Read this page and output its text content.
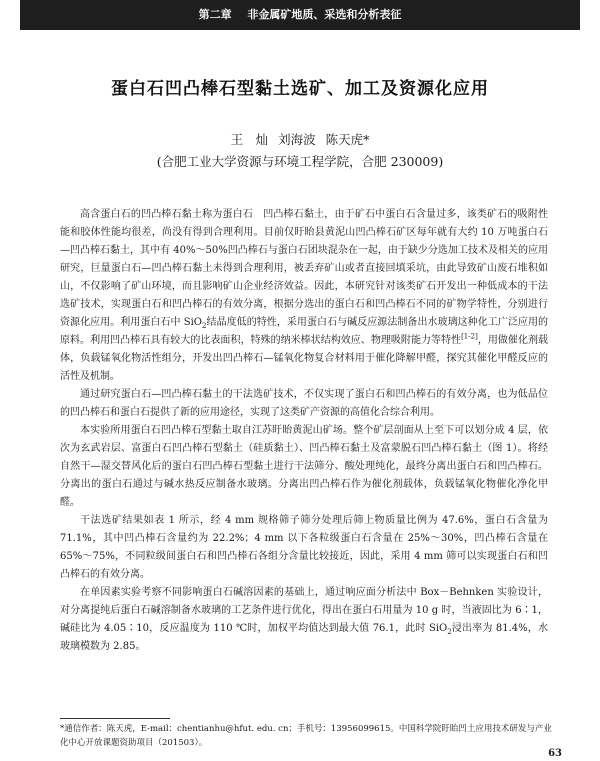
第二章 非金属矿地质、采选和分析表征
蛋白石凹凸棒石型黏土选矿、加工及资源化应用
王　灿 刘海波 陈天虎*
(合肥工业大学资源与环境工程学院，合肥 230009)

高含蛋白石的凹凸棒石黏土称为蛋白石　凹凸棒石黏土，由于矿石中蛋白石含量过多，该类矿石的吸附性能和胶体性能均很差，尚没有得到合理利用。目前仅盱眙县黄泥山凹凸棒石矿区每年就有大约 10 万吨蛋白石—凹凸棒石黏土，其中有 40%～50%凹凸棒石与蛋白石团块混杂在一起，由于缺少分选加工技术及相关的应用研究，巨量蛋白石—凹凸棒石黏土未得到合理利用，被丢弃矿山或者直接回填采坑，由此导致矿山废石堆积如山，不仅影响了矿山环境，而且影响矿山企业经济效益。因此，本研究针对该类矿石开发出一种低成本的干法选矿技术，实现蛋白石和凹凸棒石的有效分离，根据分选出的蛋白石和凹凸棒石不同的矿物学特性，分别进行资源化应用。利用蛋白石中 SiO$_2$结晶度低的特性，采用蛋白石与碱反应源法制备出水玻璃这种化工广泛应用的原料。利用凹凸棒石具有较大的比表面积，特殊的纳米棒状结构效应、物理吸附能力等特性[1-2]，用做催化剂载体，负载锰氧化物活性组分，开发出凹凸棒石—锰氧化物复合材料用于催化降解甲醛，探究其催化甲醛反应的活性及机制。

通过研究蛋白石—凹凸棒石黏土的干法选矿技术，不仅实现了蛋白石和凹凸棒石的有效分离，也为低品位的凹凸棒石和蛋白石提供了新的应用途径，实现了这类矿产资源的高值化合综合利用。

本实验所用蛋白石凹凸棒石型黏土取自江苏盱眙黄泥山矿场。整个矿层剖面从上至下可以划分成 4 层，依次为玄武岩层、富蛋白石凹凸棒石型黏土（硅质黏土）、凹凸棒石黏土及富蒙脱石凹凸棒石黏土（图 1）。将经自然干—湿交替风化后的蛋白石凹凸棒石型黏土进行干法筛分、酸处理纯化，最终分离出蛋白石和凹凸棒石。分离出的蛋白石通过与碱水热反应制备水玻璃。分离出凹凸棒石作为催化剂载体，负载锰氧化物催化净化甲醛。

干法选矿结果如表 1 所示，经 4 mm 规格筛子筛分处理后筛上物质量比例为 47.6%，蛋白石含量为 71.1%，其中凹凸棒石含量约为 22.2%；4 mm 以下各粒级蛋白石含量在 25%～30%，凹凸棒石含量在 65%～75%，不同粒级间蛋白石和凹凸棒石各组分含量比较接近，因此，采用 4 mm 筛可以实现蛋白石和凹凸棒石的有效分离。

在单因素实验考察不同影响蛋白石碱溶因素的基础上，通过响应面分析法中 Box－Behnken 实验设计，对分离提纯后蛋白石碱溶制备水玻璃的工艺条件进行优化，得出在蛋白石用量为 10 g 时，当液固比为 6∶1，碱硅比为 4.05∶10，反应温度为 110 ℃时，加权平均值达到最大值 76.1，此时 SiO$_2$浸出率为 81.4%，水玻璃模数为 2.85。

*通信作者：陈天虎，E-mail：chentianhu@hfut. edu. cn；手机号：13956099615。中国科学院盱眙凹土应用技术研发与产业化中心开放课题资助项目（201503）。
63
